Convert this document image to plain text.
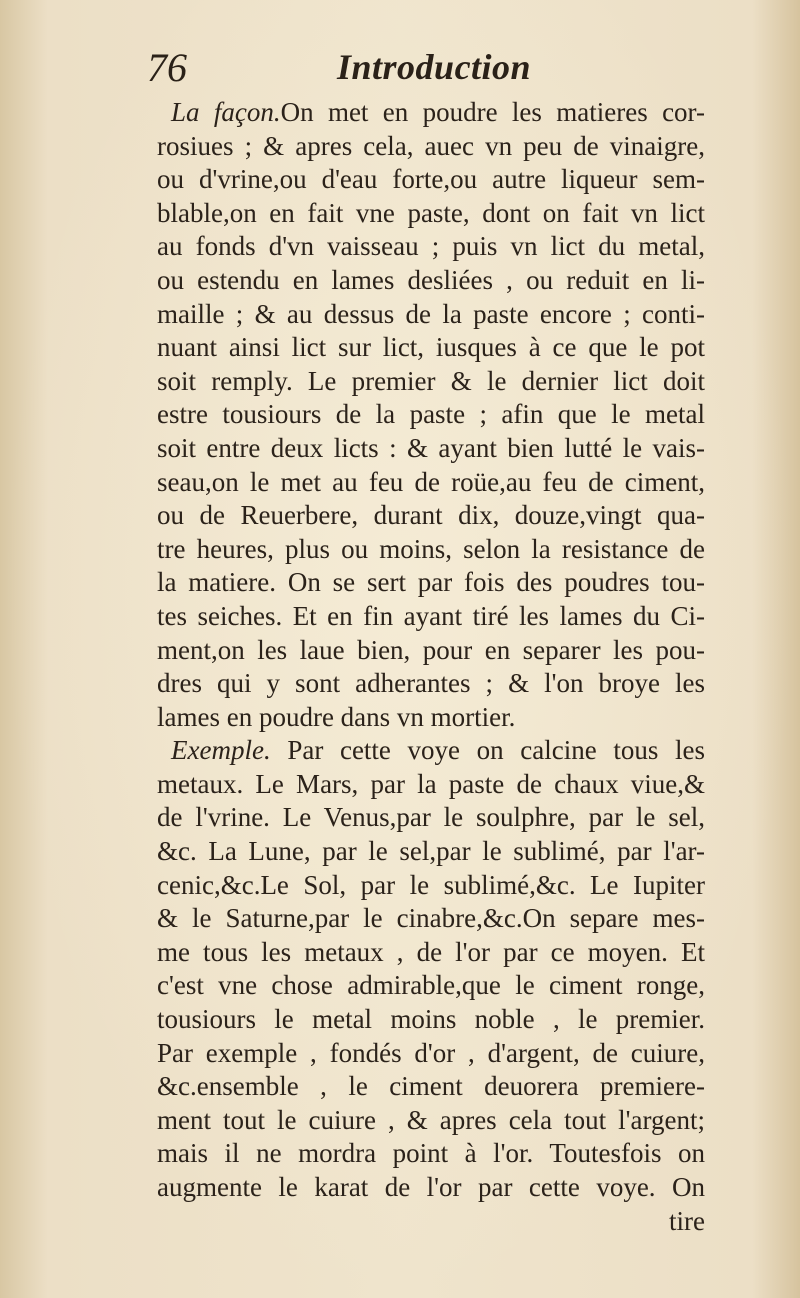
76	Introduction
La façon.On met en poudre les matieres cor-
rosiues ; & apres cela, auec vn peu de vinaigre,
ou d'vrine,ou d'eau forte,ou autre liqueur sem-
blable,on en fait vne paste, dont on fait vn lict
au fonds d'vn vaisseau ; puis vn lict du metal,
ou estendu en lames desliées , ou reduit en li-
maille ; & au dessus de la paste encore ; conti-
nuant ainsi lict sur lict, iusques à ce que le pot
soit remply. Le premier & le dernier lict doit
estre tousiours de la paste ; afin que le metal
soit entre deux licts : & ayant bien lutté le vais-
seau,on le met au feu de roüe,au feu de ciment,
ou de Reuerbere, durant dix, douze,vingt qua-
tre heures, plus ou moins, selon la resistance de
la matiere. On se sert par fois des poudres tou-
tes seiches. Et en fin ayant tiré les lames du Ci-
ment,on les laue bien, pour en separer les pou-
dres qui y sont adherantes ; & l'on broye les
lames en poudre dans vn mortier.
Exemple. Par cette voye on calcine tous les
metaux. Le Mars, par la paste de chaux viue,&
de l'vrine. Le Venus,par le soulphre, par le sel,
&c. La Lune, par le sel,par le sublimé, par l'ar-
cenic,&c.Le Sol, par le sublimé,&c. Le Iupiter
& le Saturne,par le cinabre,&c.On separe mes-
me tous les metaux , de l'or par ce moyen. Et
c'est vne chose admirable,que le ciment ronge,
tousiours le metal moins noble , le premier.
Par exemple , fondés d'or , d'argent, de cuiure,
&c.ensemble , le ciment deuorera premiere-
ment tout le cuiure , & apres cela tout l'argent;
mais il ne mordra point à l'or. Toutesfois on
augmente le karat de l'or par cette voye. On
tire
